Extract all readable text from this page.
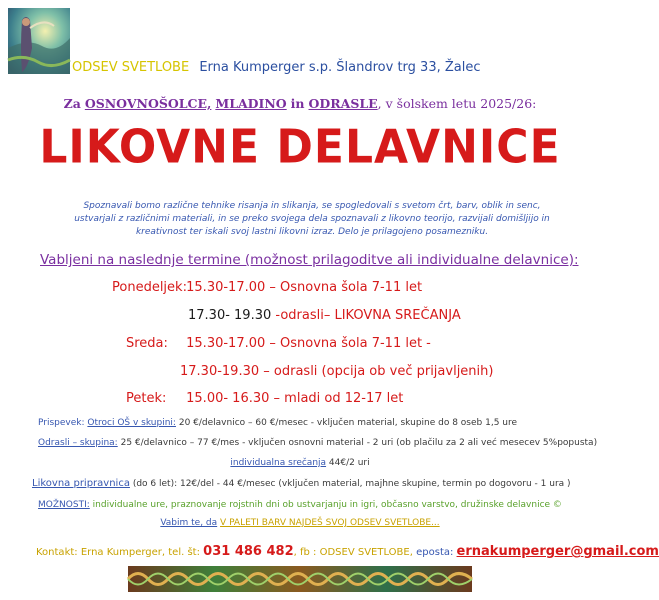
ODSEV SVETLOBE Erna Kumperger s.p. Šlandrov trg 33, Žalec
Za OSNOVNOŠOLCE, MLADINO in ODRASLE, v šolskem letu 2025/26:
LIKOVNE DELAVNICE
Spoznavali bomo različne tehnike risanja in slikanja, se spogledovali s svetom črt, barv, oblik in senc, ustvarjali z različnimi materiali, in se preko svojega dela spoznavali z likovno teorijo, razvijali domišljijo in kreativnost ter iskali svoj lastni likovni izraz. Delo je prilagojeno posamezniku.
Vabljeni na naslednje termine (možnost prilagoditve ali individualne delavnice):
Ponedeljek: 15.30-17.00 – Osnovna šola 7-11 let
17.30- 19.30 -odrasli– LIKOVNA SREČANJA
Sreda: 15.30-17.00 – Osnovna šola 7-11 let -
17.30-19.30 – odrasli (opcija ob več prijavljenih)
Petek: 15.00- 16.30 – mladi od 12-17 let
Prispevek: Otroci OŠ v skupini: 20 €/delavnico – 60 €/mesec - vključen material, skupine do 8 oseb 1,5 ure
Odrasli – skupina: 25 €/delavnico – 77 €/mes - vključen osnovni material - 2 uri (ob plačilu za 2 ali već mesecev 5%popusta)
individualna srečanja 44€/2 uri
Likovna pripravnica (do 6 let): 12€/del - 44 €/mesec (vključen material, majhne skupine, termin po dogovoru - 1 ura )
MOŽNOSTI: individualne ure, praznovanje rojstnih dni ob ustvarjanju in igri, občasno varstvo, družinske delavnice ©
Vabim te, da V PALETI BARV NAJDEŠ SVOJ ODSEV SVETLOBE...
Kontakt: Erna Kumperger, tel. št: 031 486 482, fb : ODSEV SVETLOBE, eposta: ernakumperger@gmail.com
